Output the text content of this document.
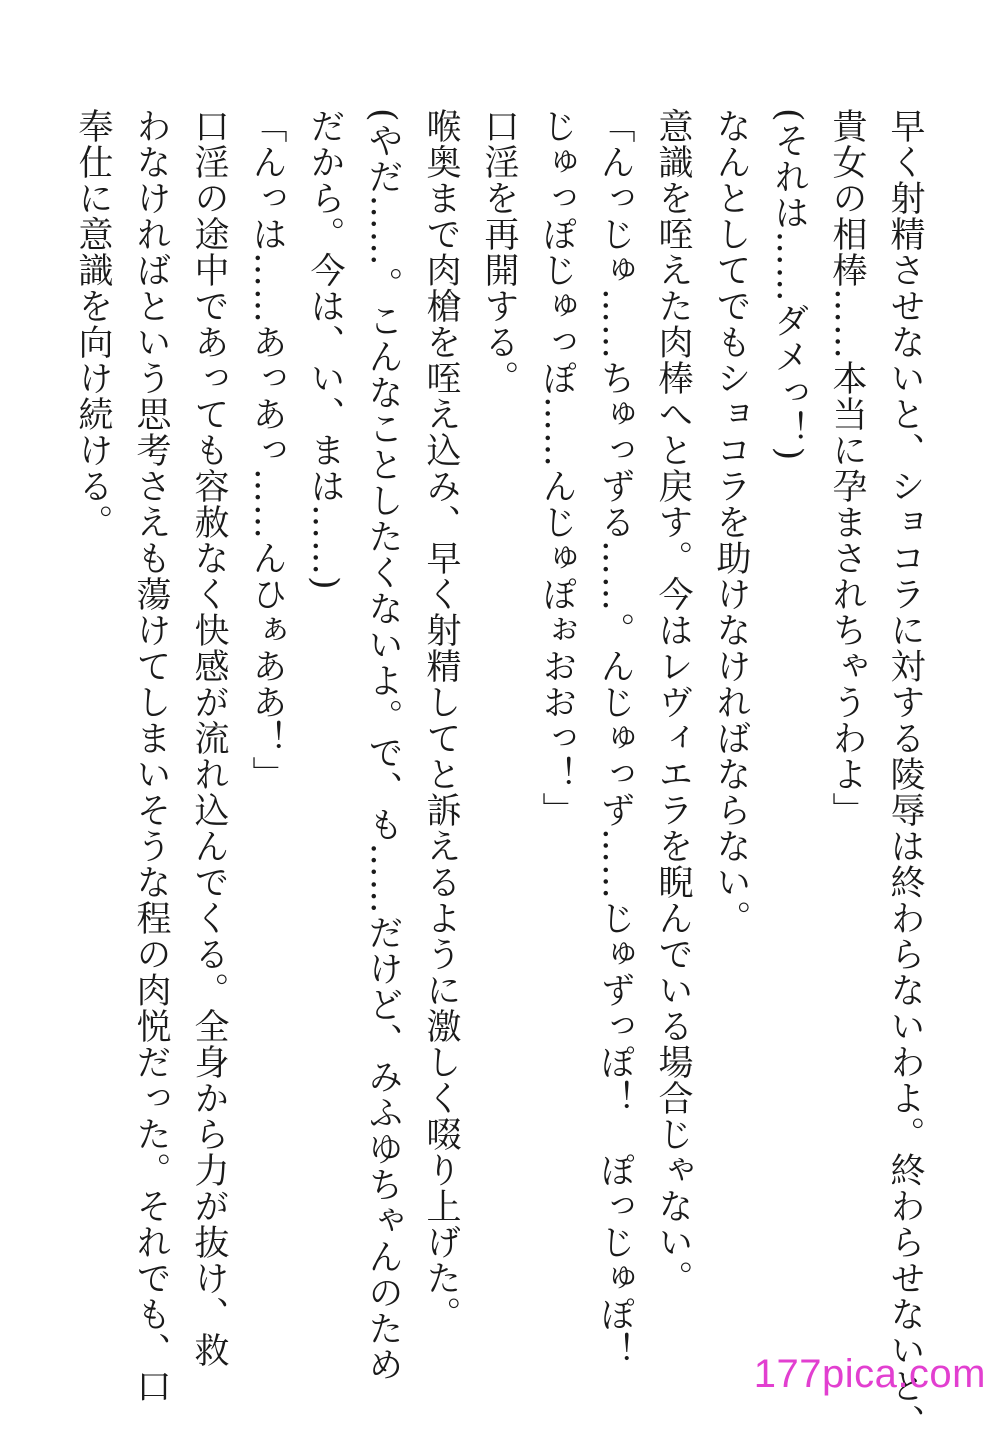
早く射精させないと、ショコラに対する陵辱は終わらないわよ。終わらせないと、
貴女の相棒……本当に孕まされちゃうわよ」
(それは……ダメっ！)
なんとしてでもショコラを助けなければならない。
意識を咥えた肉棒へと戻す。今はレヴィエラを睨んでいる場合じゃない。
「んっじゅ……ちゅっずる……。んじゅっず……じゅずっぽ！　ぽっじゅぽ！
じゅっぽじゅっぽ……んじゅぽぉおおっ！」
口淫を再開する。
喉奥まで肉槍を咥え込み、早く射精してと訴えるように激しく啜り上げた。
(やだ……。こんなことしたくないよ。で、も……だけど、みふゆちゃんのため
だから。今は、い、まは……)
「んっは……あっあっ……んひぁああ！」
口淫の途中であっても容赦なく快感が流れ込んでくる。全身から力が抜け、救
わなければという思考さえも蕩けてしまいそうな程の肉悦だった。それでも、口
奉仕に意識を向け続ける。
177pica.com
